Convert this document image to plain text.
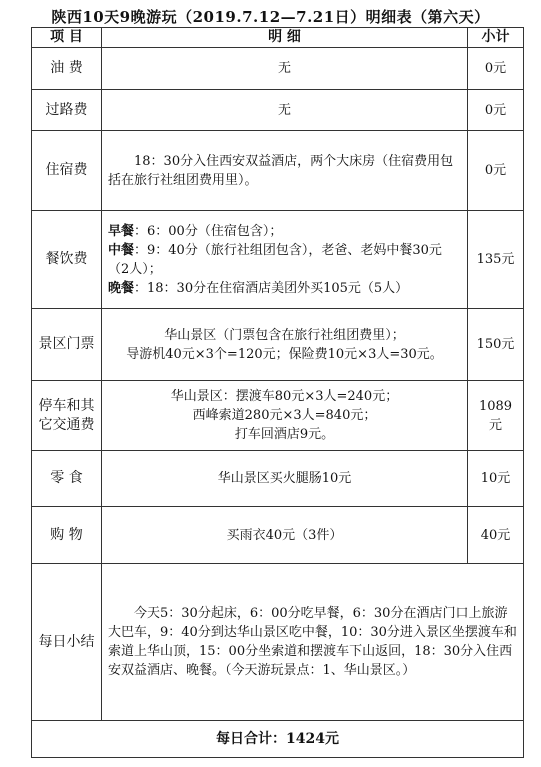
陕西10天9晚游玩（2019.7.12—7.21日）明细表（第六天）
项 目	明 细	小计
油 费	无	0元
过路费	无	0元
住宿费	18：30分入住西安双益酒店，两个大床房（住宿费用包括在旅行社组团费用里）。	0元
餐饮费	早餐：6：00分（住宿包含）；
中餐：9：40分（旅行社组团包含），老爸、老妈中餐30元（2人）；
晚餐：18：30分在住宿酒店美团外买105元（5人）	135元
景区门票	华山景区（门票包含在旅行社组团费里）；
导游机40元×3个=120元；保险费10元×3人=30元。	150元
停车和其它交通费	华山景区：摆渡车80元×3人=240元；
西峰索道280元×3人=840元；
打车回酒店9元。	1089元
零 食	华山景区买火腿肠10元	10元
购 物	买雨衣40元（3件）	40元
每日小结	今天5：30分起床，6：00分吃早餐，6：30分在酒店门口上旅游大巴车，9：40分到达华山景区吃中餐，10：30分进入景区坐摆渡车和索道上华山顶，15：00分坐索道和摆渡车下山返回，18：30分入住西安双益酒店、晚餐。（今天游玩景点：1、华山景区。）	
每日合计：1424元		
